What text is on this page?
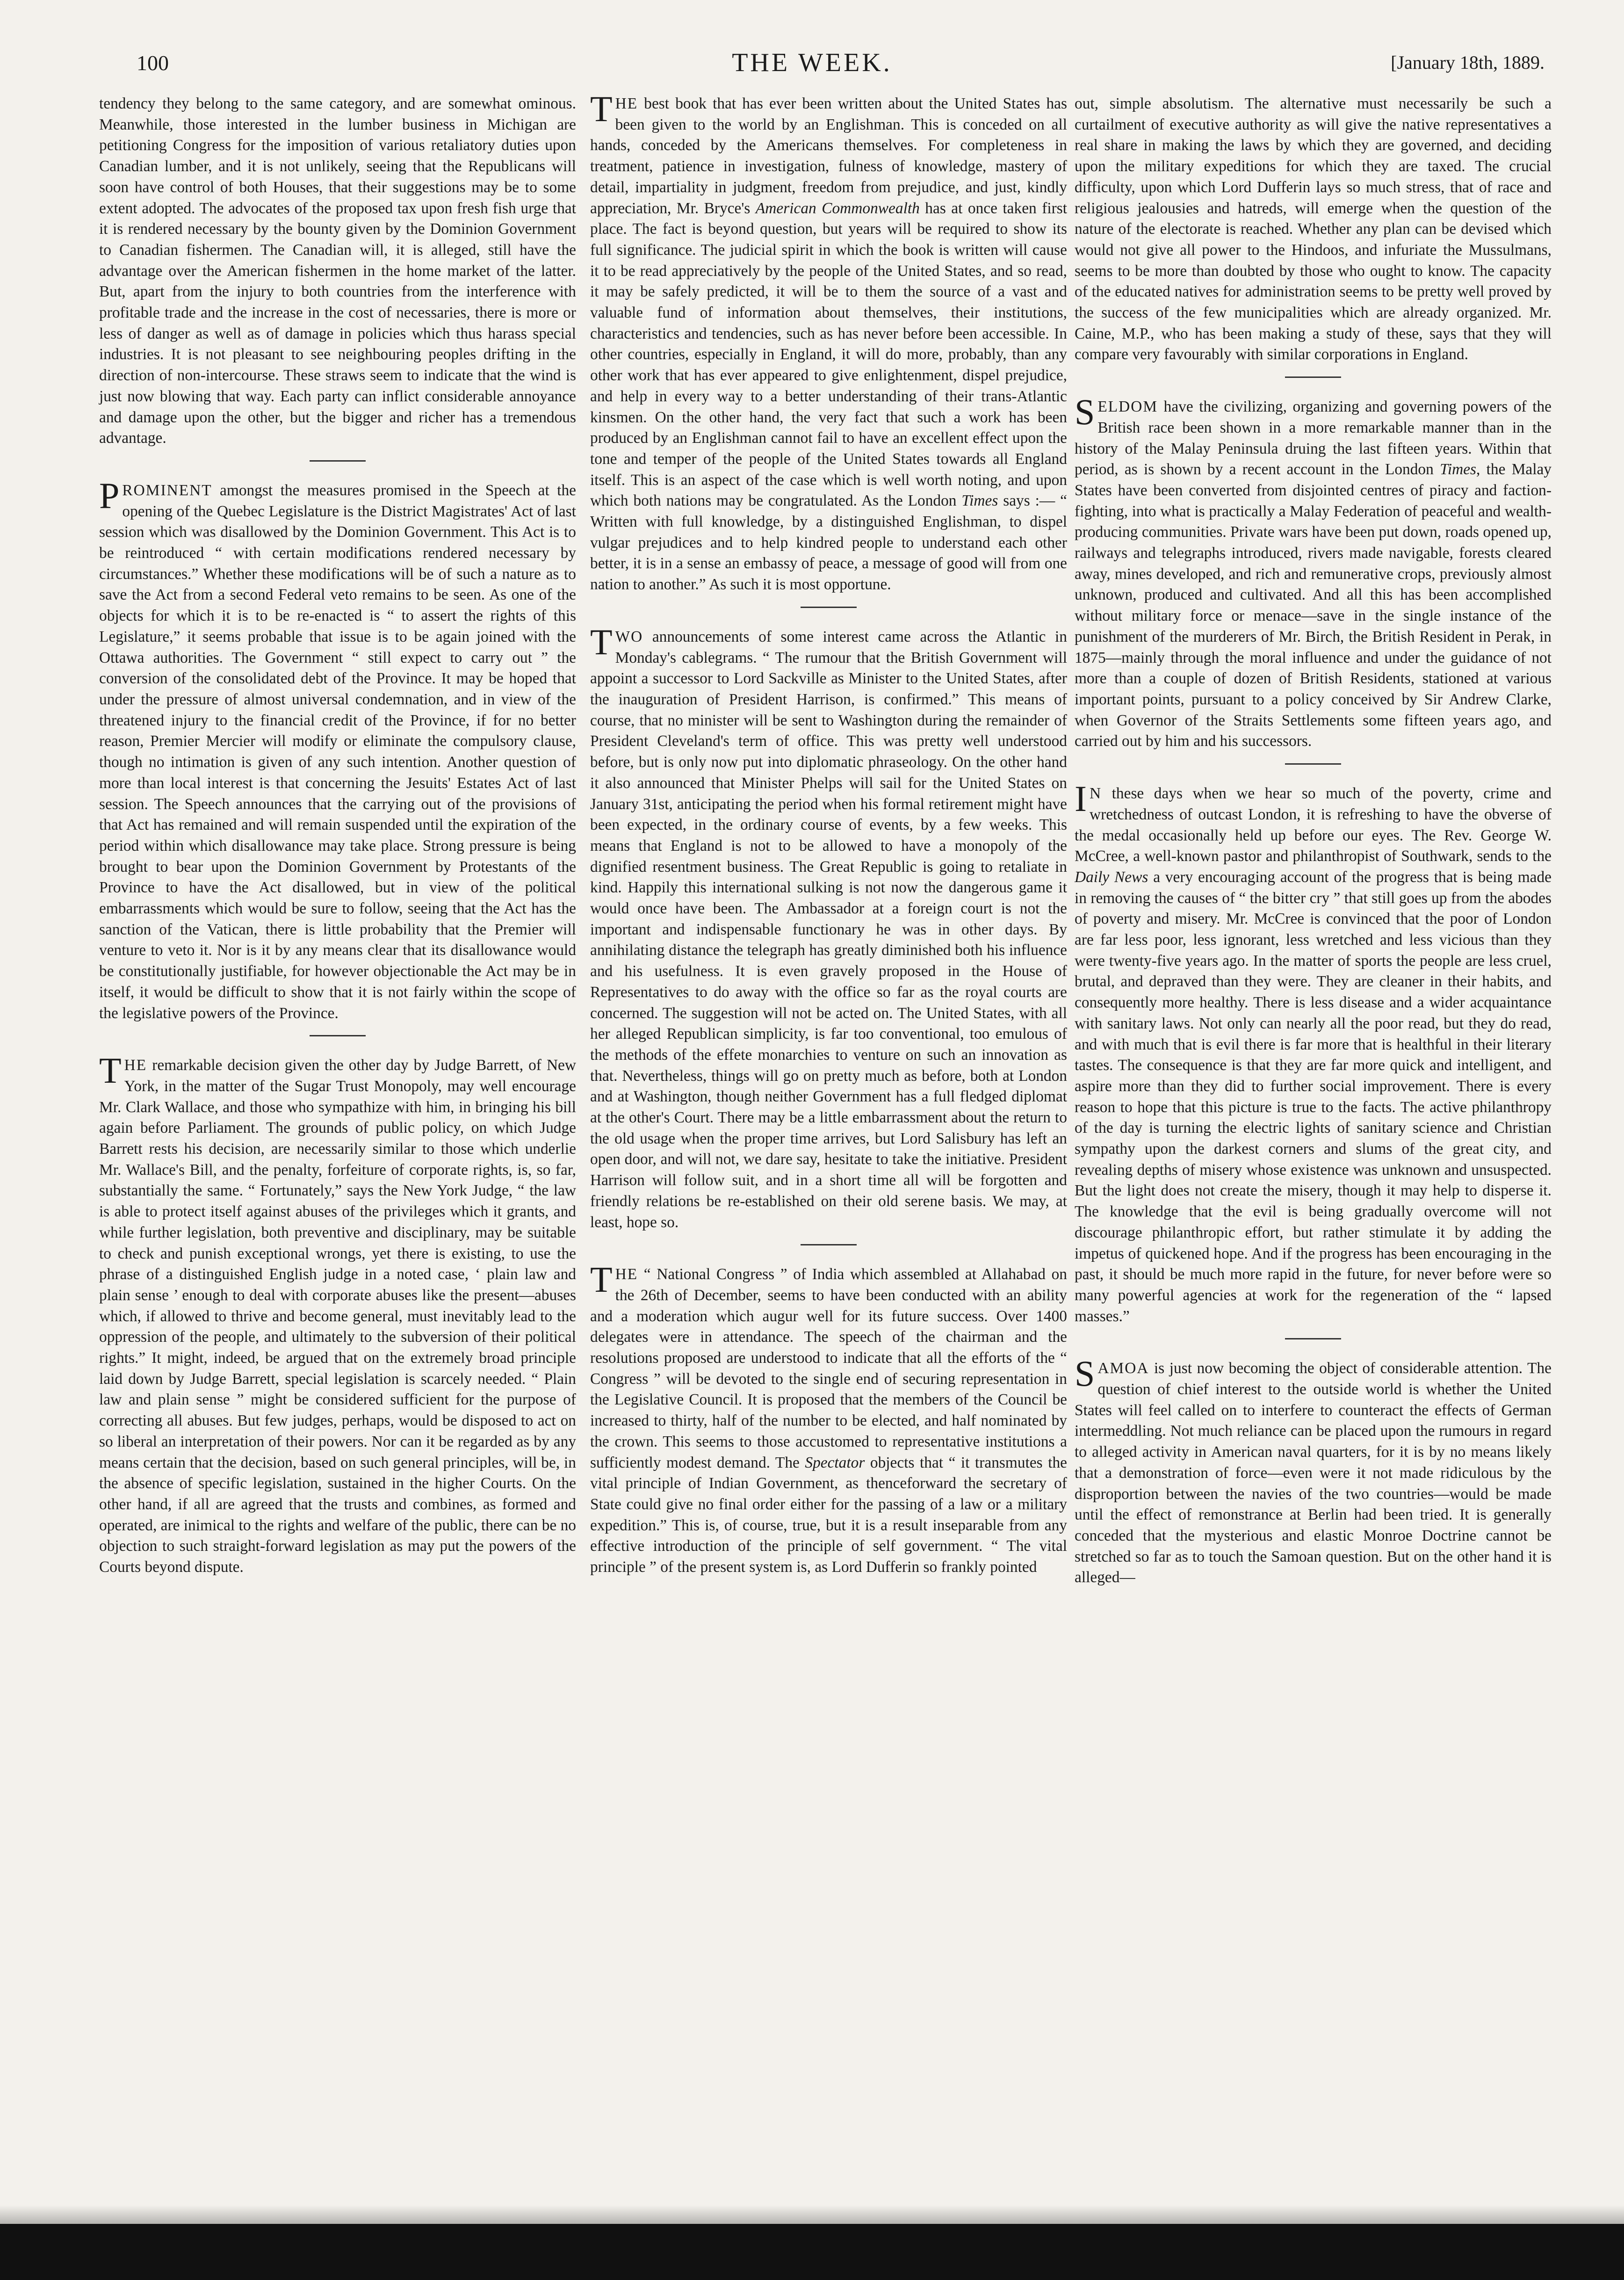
100	THE WEEK.	[January 18th, 1889.

tendency they belong to the same category, and are somewhat ominous. Meanwhile, those interested in the lumber business in Michigan are petitioning Congress for the imposition of various retaliatory duties upon Canadian lumber, and it is not unlikely, seeing that the Republicans will soon have control of both Houses, that their suggestions may be to some extent adopted. The advocates of the proposed tax upon fresh fish urge that it is rendered necessary by the bounty given by the Dominion Government to Canadian fishermen. The Canadian will, it is alleged, still have the advantage over the American fishermen in the home market of the latter. But, apart from the injury to both countries from the interference with profitable trade and the increase in the cost of necessaries, there is more or less of danger as well as of damage in policies which thus harass special industries. It is not pleasant to see neighbouring peoples drifting in the direction of non-intercourse. These straws seem to indicate that the wind is just now blowing that way. Each party can inflict considerable annoyance and damage upon the other, but the bigger and richer has a tremendous advantage.

PROMINENT amongst the measures promised in the Speech at the opening of the Quebec Legislature is the District Magistrates' Act of last session which was disallowed by the Dominion Government. This Act is to be reintroduced “ with certain modifications rendered necessary by circumstances.” Whether these modifications will be of such a nature as to save the Act from a second Federal veto remains to be seen. As one of the objects for which it is to be re-enacted is “ to assert the rights of this Legislature,” it seems probable that issue is to be again joined with the Ottawa authorities. The Government “ still expect to carry out ” the conversion of the consolidated debt of the Province. It may be hoped that under the pressure of almost universal condemnation, and in view of the threatened injury to the financial credit of the Province, if for no better reason, Premier Mercier will modify or eliminate the compulsory clause, though no intimation is given of any such intention. Another question of more than local interest is that concerning the Jesuits' Estates Act of last session. The Speech announces that the carrying out of the provisions of that Act has remained and will remain suspended until the expiration of the period within which disallowance may take place. Strong pressure is being brought to bear upon the Dominion Government by Protestants of the Province to have the Act disallowed, but in view of the political embarrassments which would be sure to follow, seeing that the Act has the sanction of the Vatican, there is little probability that the Premier will venture to veto it. Nor is it by any means clear that its disallowance would be constitutionally justifiable, for however objectionable the Act may be in itself, it would be difficult to show that it is not fairly within the scope of the legislative powers of the Province.

THE remarkable decision given the other day by Judge Barrett, of New York, in the matter of the Sugar Trust Monopoly, may well encourage Mr. Clark Wallace, and those who sympathize with him, in bringing his bill again before Parliament. The grounds of public policy, on which Judge Barrett rests his decision, are necessarily similar to those which underlie Mr. Wallace's Bill, and the penalty, forfeiture of corporate rights, is, so far, substantially the same. “ Fortunately,” says the New York Judge, “ the law is able to protect itself against abuses of the privileges which it grants, and while further legislation, both preventive and disciplinary, may be suitable to check and punish exceptional wrongs, yet there is existing, to use the phrase of a distinguished English judge in a noted case, ‘ plain law and plain sense ’ enough to deal with corporate abuses like the present—abuses which, if allowed to thrive and become general, must inevitably lead to the oppression of the people, and ultimately to the subversion of their political rights.” It might, indeed, be argued that on the extremely broad principle laid down by Judge Barrett, special legislation is scarcely needed. “ Plain law and plain sense ” might be considered sufficient for the purpose of correcting all abuses. But few judges, perhaps, would be disposed to act on so liberal an interpretation of their powers. Nor can it be regarded as by any means certain that the decision, based on such general principles, will be, in the absence of specific legislation, sustained in the higher Courts. On the other hand, if all are agreed that the trusts and combines, as formed and operated, are inimical to the rights and welfare of the public, there can be no objection to such straight-forward legislation as may put the powers of the Courts beyond dispute.

THE best book that has ever been written about the United States has been given to the world by an Englishman. This is conceded on all hands, conceded by the Americans themselves. For completeness in treatment, patience in investigation, fulness of knowledge, mastery of detail, impartiality in judgment, freedom from prejudice, and just, kindly appreciation, Mr. Bryce's American Commonwealth has at once taken first place. The fact is beyond question, but years will be required to show its full significance. The judicial spirit in which the book is written will cause it to be read appreciatively by the people of the United States, and so read, it may be safely predicted, it will be to them the source of a vast and valuable fund of information about themselves, their institutions, characteristics and tendencies, such as has never before been accessible. In other countries, especially in England, it will do more, probably, than any other work that has ever appeared to give enlightenment, dispel prejudice, and help in every way to a better understanding of their trans-Atlantic kinsmen. On the other hand, the very fact that such a work has been produced by an Englishman cannot fail to have an excellent effect upon the tone and temper of the people of the United States towards all England itself. This is an aspect of the case which is well worth noting, and upon which both nations may be congratulated. As the London Times says :— “ Written with full knowledge, by a distinguished Englishman, to dispel vulgar prejudices and to help kindred people to understand each other better, it is in a sense an embassy of peace, a message of good will from one nation to another.” As such it is most opportune.

TWO announcements of some interest came across the Atlantic in Monday's cablegrams. “ The rumour that the British Government will appoint a successor to Lord Sackville as Minister to the United States, after the inauguration of President Harrison, is confirmed.” This means of course, that no minister will be sent to Washington during the remainder of President Cleveland's term of office. This was pretty well understood before, but is only now put into diplomatic phraseology. On the other hand it also announced that Minister Phelps will sail for the United States on January 31st, anticipating the period when his formal retirement might have been expected, in the ordinary course of events, by a few weeks. This means that England is not to be allowed to have a monopoly of the dignified resentment business. The Great Republic is going to retaliate in kind. Happily this international sulking is not now the dangerous game it would once have been. The Ambassador at a foreign court is not the important and indispensable functionary he was in other days. By annihilating distance the telegraph has greatly diminished both his influence and his usefulness. It is even gravely proposed in the House of Representatives to do away with the office so far as the royal courts are concerned. The suggestion will not be acted on. The United States, with all her alleged Republican simplicity, is far too conventional, too emulous of the methods of the effete monarchies to venture on such an innovation as that. Nevertheless, things will go on pretty much as before, both at London and at Washington, though neither Government has a full fledged diplomat at the other's Court. There may be a little embarrassment about the return to the old usage when the proper time arrives, but Lord Salisbury has left an open door, and will not, we dare say, hesitate to take the initiative. President Harrison will follow suit, and in a short time all will be forgotten and friendly relations be re-established on their old serene basis. We may, at least, hope so.

THE “ National Congress ” of India which assembled at Allahabad on the 26th of December, seems to have been conducted with an ability and a moderation which augur well for its future success. Over 1400 delegates were in attendance. The speech of the chairman and the resolutions proposed are understood to indicate that all the efforts of the “ Congress ” will be devoted to the single end of securing representation in the Legislative Council. It is proposed that the members of the Council be increased to thirty, half of the number to be elected, and half nominated by the crown. This seems to those accustomed to representative institutions a sufficiently modest demand. The Spectator objects that “ it transmutes the vital principle of Indian Government, as thenceforward the secretary of State could give no final order either for the passing of a law or a military expedition.” This is, of course, true, but it is a result inseparable from any effective introduction of the principle of self government. “ The vital principle ” of the present system is, as Lord Dufferin so frankly pointed

out, simple absolutism. The alternative must necessarily be such a curtailment of executive authority as will give the native representatives a real share in making the laws by which they are governed, and deciding upon the military expeditions for which they are taxed. The crucial difficulty, upon which Lord Dufferin lays so much stress, that of race and religious jealousies and hatreds, will emerge when the question of the nature of the electorate is reached. Whether any plan can be devised which would not give all power to the Hindoos, and infuriate the Mussulmans, seems to be more than doubted by those who ought to know. The capacity of the educated natives for administration seems to be pretty well proved by the success of the few municipalities which are already organized. Mr. Caine, M.P., who has been making a study of these, says that they will compare very favourably with similar corporations in England.

SELDOM have the civilizing, organizing and governing powers of the British race been shown in a more remarkable manner than in the history of the Malay Peninsula druing the last fifteen years. Within that period, as is shown by a recent account in the London Times, the Malay States have been converted from disjointed centres of piracy and faction-fighting, into what is practically a Malay Federation of peaceful and wealth-producing communities. Private wars have been put down, roads opened up, railways and telegraphs introduced, rivers made navigable, forests cleared away, mines developed, and rich and remunerative crops, previously almost unknown, produced and cultivated. And all this has been accomplished without military force or menace—save in the single instance of the punishment of the murderers of Mr. Birch, the British Resident in Perak, in 1875—mainly through the moral influence and under the guidance of not more than a couple of dozen of British Residents, stationed at various important points, pursuant to a policy conceived by Sir Andrew Clarke, when Governor of the Straits Settlements some fifteen years ago, and carried out by him and his successors.

I N these days when we hear so much of the poverty, crime and wretchedness of outcast London, it is refreshing to have the obverse of the medal occasionally held up before our eyes. The Rev. George W. McCree, a well-known pastor and philanthropist of Southwark, sends to the Daily News a very encouraging account of the progress that is being made in removing the causes of “ the bitter cry ” that still goes up from the abodes of poverty and misery. Mr. McCree is convinced that the poor of London are far less poor, less ignorant, less wretched and less vicious than they were twenty-five years ago. In the matter of sports the people are less cruel, brutal, and depraved than they were. They are cleaner in their habits, and consequently more healthy. There is less disease and a wider acquaintance with sanitary laws. Not only can nearly all the poor read, but they do read, and with much that is evil there is far more that is healthful in their literary tastes. The consequence is that they are far more quick and intelligent, and aspire more than they did to further social improvement. There is every reason to hope that this picture is true to the facts. The active philanthropy of the day is turning the electric lights of sanitary science and Christian sympathy upon the darkest corners and slums of the great city, and revealing depths of misery whose existence was unknown and unsuspected. But the light does not create the misery, though it may help to disperse it. The knowledge that the evil is being gradually overcome will not discourage philanthropic effort, but rather stimulate it by adding the impetus of quickened hope. And if the progress has been encouraging in the past, it should be much more rapid in the future, for never before were so many powerful agencies at work for the regeneration of the “ lapsed masses.”

SAMOA is just now becoming the object of considerable attention. The question of chief interest to the outside world is whether the United States will feel called on to interfere to counteract the effects of German intermeddling. Not much reliance can be placed upon the rumours in regard to alleged activity in American naval quarters, for it is by no means likely that a demonstration of force—even were it not made ridiculous by the disproportion between the navies of the two countries—would be made until the effect of remonstrance at Berlin had been tried. It is generally conceded that the mysterious and elastic Monroe Doctrine cannot be stretched so far as to touch the Samoan question. But on the other hand it is alleged—
